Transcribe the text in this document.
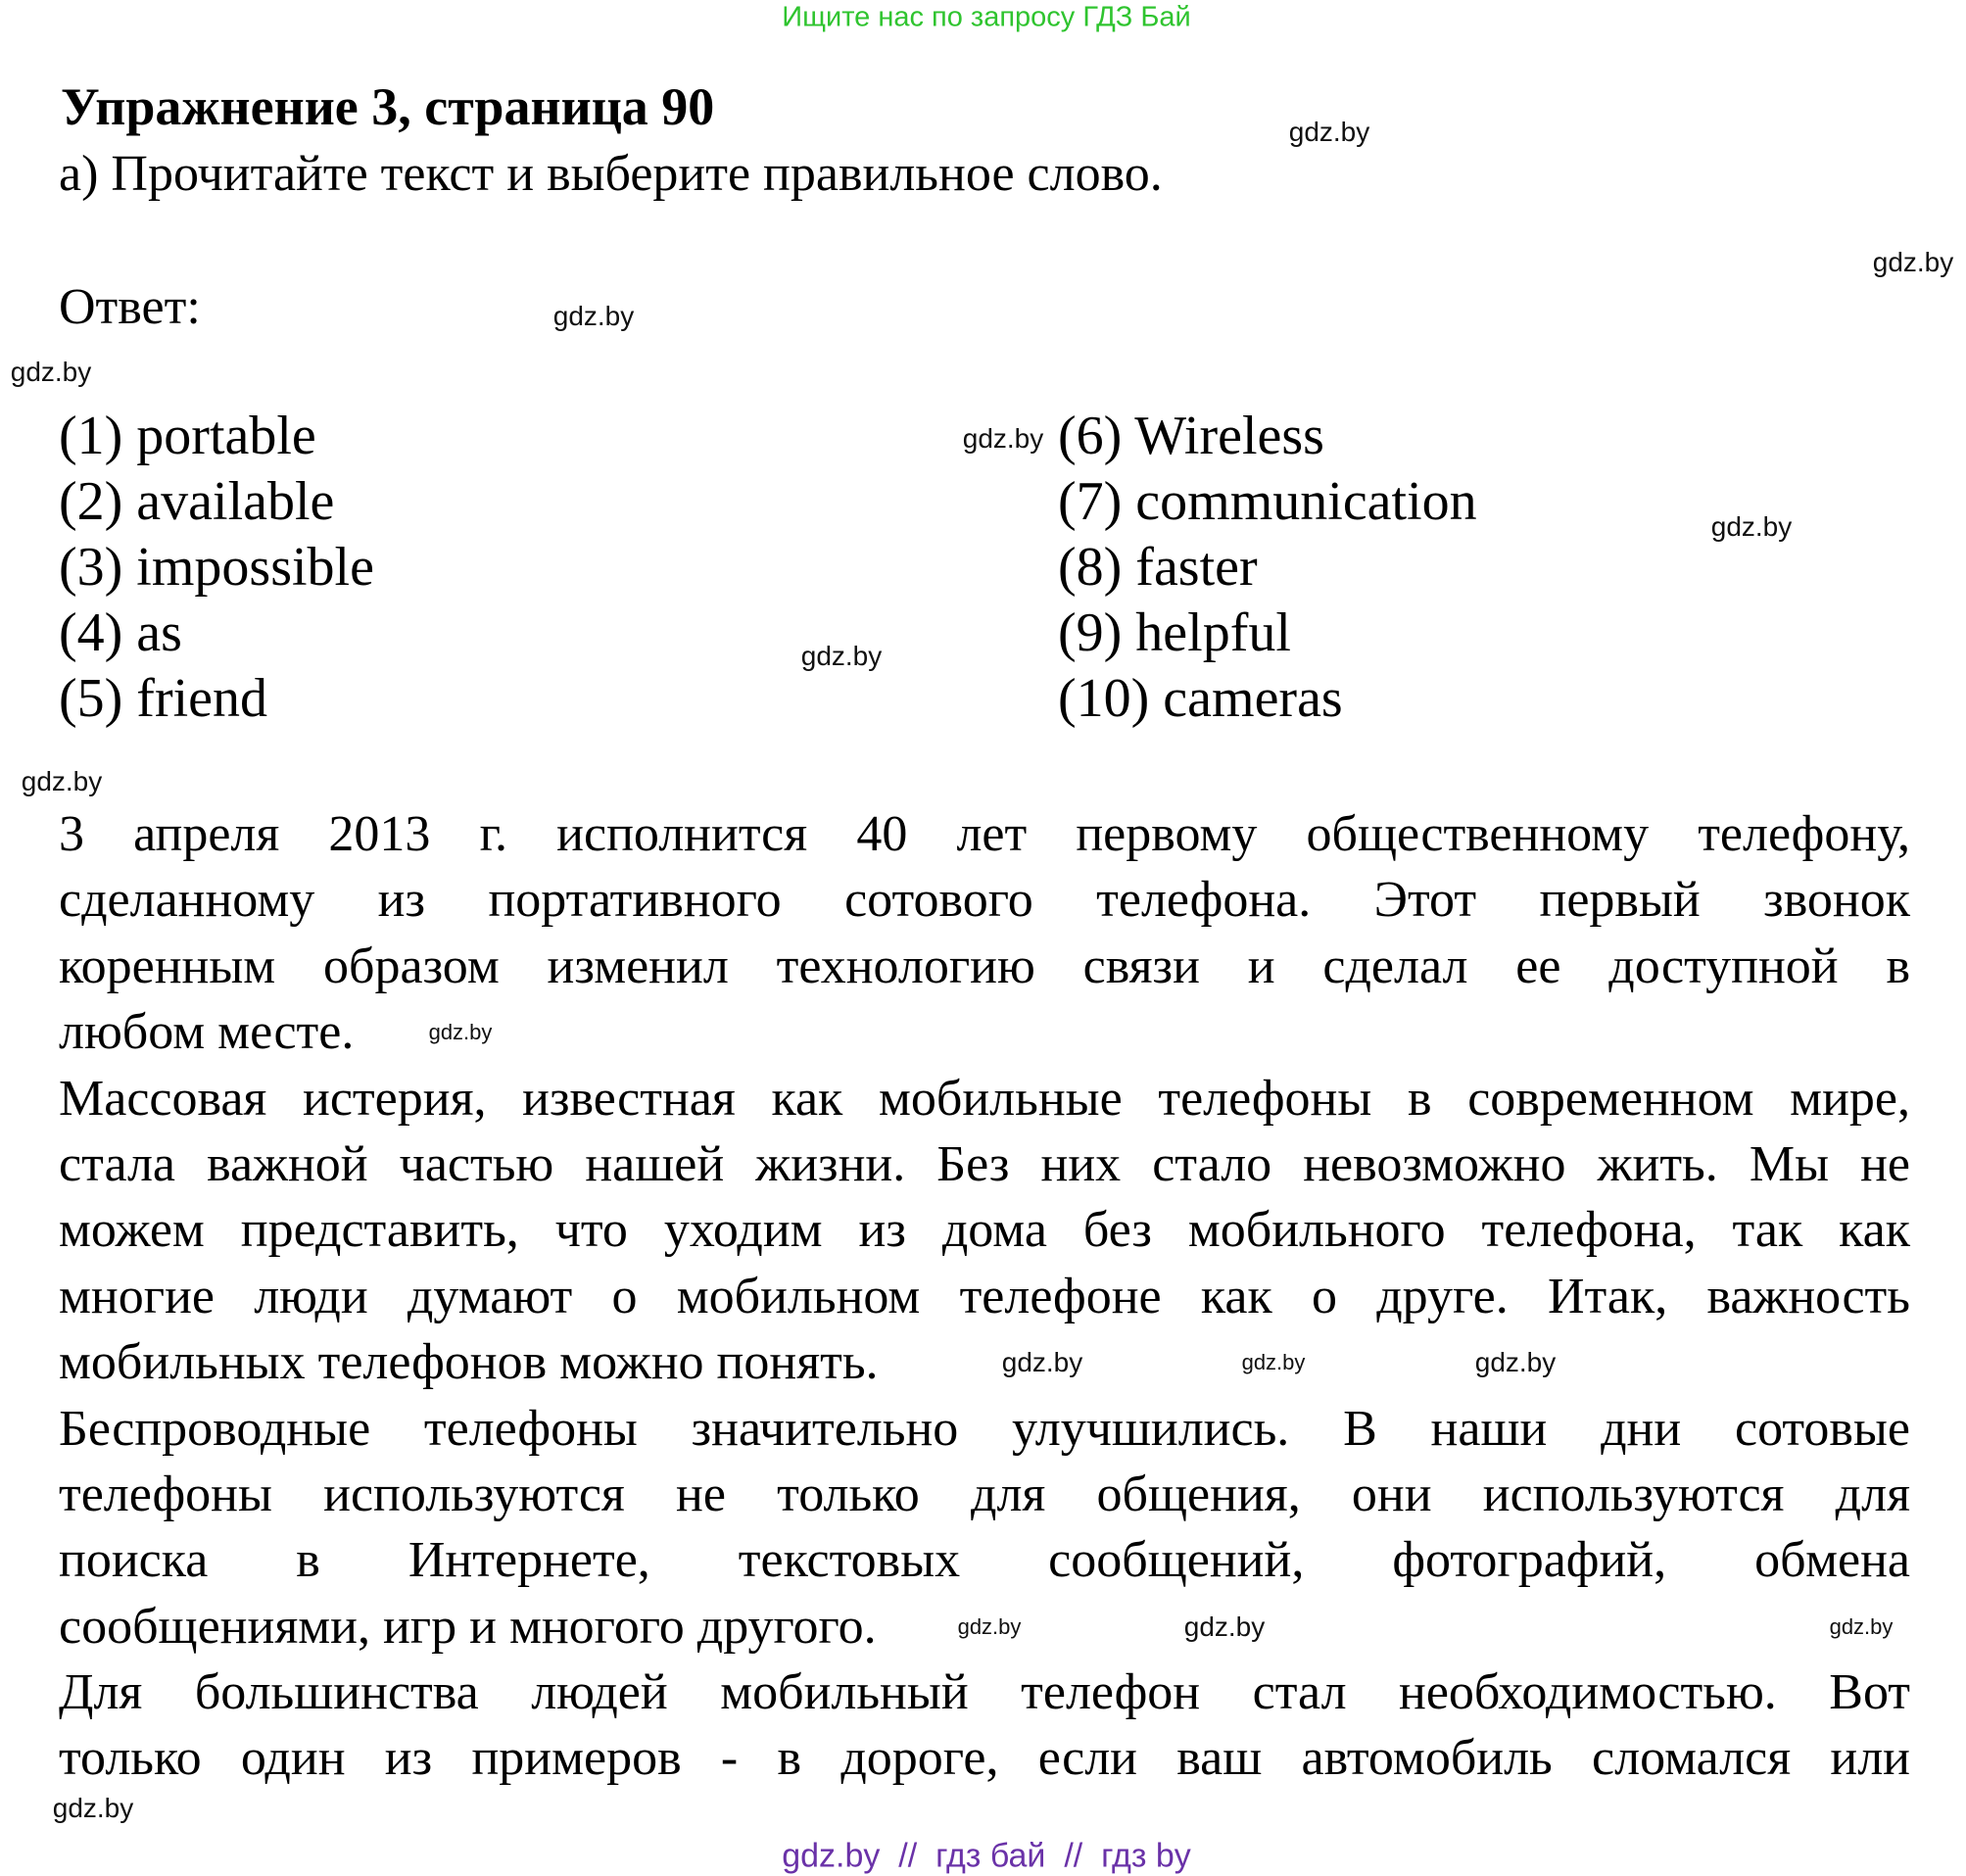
Ищите нас по запросу ГДЗ Бай
Упражнение 3, страница 90
а) Прочитайте текст и выберите правильное слово.
Ответ:
(1) portable
(2) available
(3) impossible
(4) as
(5) friend
(6) Wireless
(7) communication
(8) faster
(9) helpful
(10) cameras
3 апреля 2013 г. исполнится 40 лет первому общественному телефону,
сделанному из портативного сотового телефона. Этот первый звонок
коренным образом изменил технологию связи и сделал ее доступной в
любом месте.
Массовая истерия, известная как мобильные телефоны в современном мире,
стала важной частью нашей жизни. Без них стало невозможно жить. Мы не
можем представить, что уходим из дома без мобильного телефона, так как
многие люди думают о мобильном телефоне как о друге. Итак, важность
мобильных телефонов можно понять.
Беспроводные телефоны значительно улучшились. В наши дни сотовые
телефоны используются не только для общения, они используются для
поиска в Интернете, текстовых сообщений, фотографий, обмена
сообщениями, игр и многого другого.
Для большинства людей мобильный телефон стал необходимостью. Вот
только один из примеров - в дороге, если ваш автомобиль сломался или
gdz.by
gdz.by
gdz.by
gdz.by
gdz.by
gdz.by
gdz.by
gdz.by
gdz.by
gdz.by	gdz.by
gdz.by
gdz.by	gdz.by	gdz.by
gdz.by
gdz.by  //  гдз бай  //  гдз by
